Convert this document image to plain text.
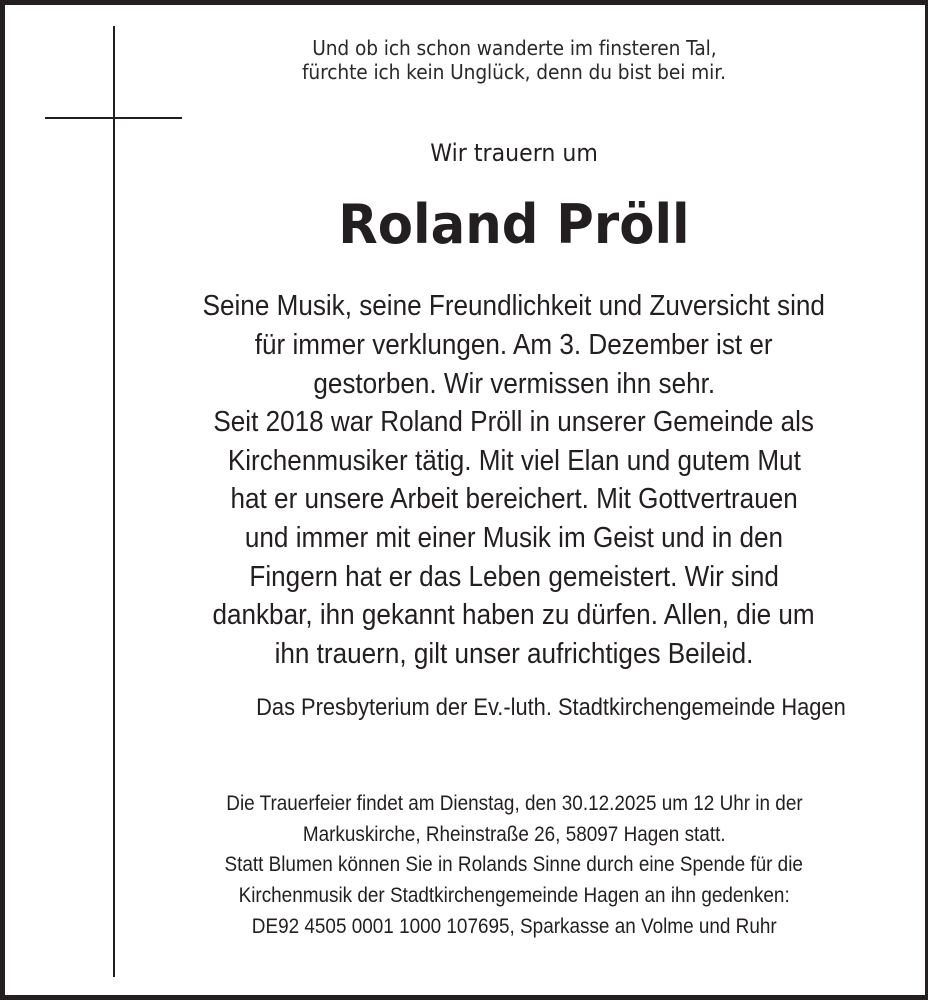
Und ob ich schon wanderte im finsteren Tal,
fürchte ich kein Unglück, denn du bist bei mir.
Wir trauern um
Roland Pröll
Seine Musik, seine Freundlichkeit und Zuversicht sind
für immer verklungen. Am 3. Dezember ist er
gestorben. Wir vermissen ihn sehr.
Seit 2018 war Roland Pröll in unserer Gemeinde als
Kirchenmusiker tätig. Mit viel Elan und gutem Mut
hat er unsere Arbeit bereichert. Mit Gottvertrauen
und immer mit einer Musik im Geist und in den
Fingern hat er das Leben gemeistert. Wir sind
dankbar, ihn gekannt haben zu dürfen. Allen, die um
ihn trauern, gilt unser aufrichtiges Beileid.
Das Presbyterium der Ev.-luth. Stadtkirchengemeinde Hagen
Die Trauerfeier findet am Dienstag, den 30.12.2025 um 12 Uhr in der
Markuskirche, Rheinstraße 26, 58097 Hagen statt.
Statt Blumen können Sie in Rolands Sinne durch eine Spende für die
Kirchenmusik der Stadtkirchengemeinde Hagen an ihn gedenken:
DE92 4505 0001 1000 107695, Sparkasse an Volme und Ruhr
